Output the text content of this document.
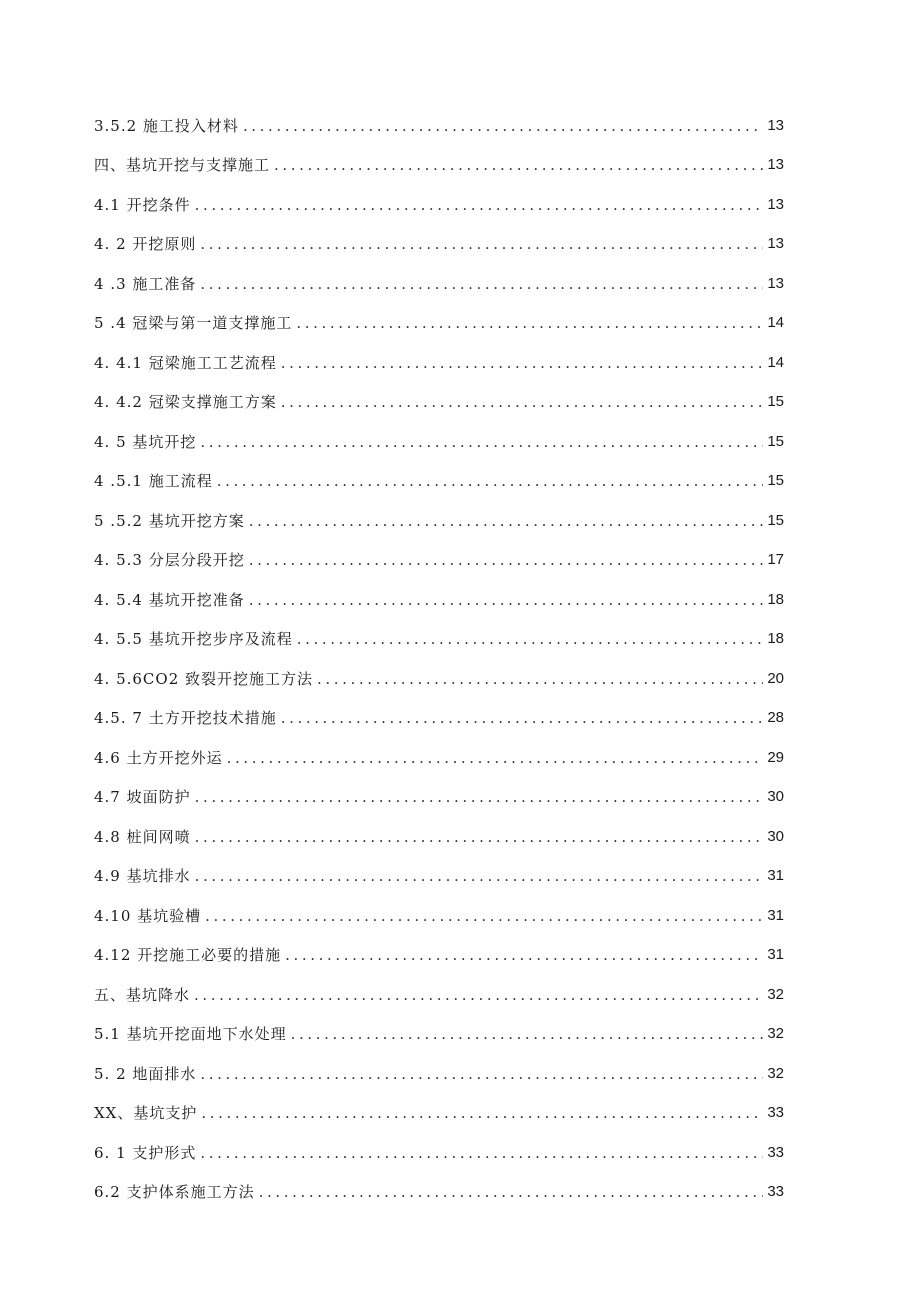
3.5.2 施工投入材料 .....	13
四、基坑开挖与支撑施工 .....	13
4.1 开挖条件 .....	13
4. 2 开挖原则 .....	13
4 .3 施工准备 .....	13
5 .4 冠梁与第一道支撑施工 .....	14
4. 4.1 冠梁施工工艺流程 .....	14
4. 4.2 冠梁支撑施工方案 .....	15
4. 5 基坑开挖 .....	15
4 .5.1 施工流程 .....	15
5 .5.2 基坑开挖方案 .....	15
4. 5.3 分层分段开挖 .....	17
4. 5.4 基坑开挖准备 .....	18
4. 5.5 基坑开挖步序及流程 .....	18
4. 5.6CO2 致裂开挖施工方法 .....	20
4.5. 7 土方开挖技术措施 .....	28
4.6 土方开挖外运 .....	29
4.7 坡面防护 .....	30
4.8 桩间网喷 .....	30
4.9 基坑排水 .....	31
4.10 基坑验槽 .....	31
4.12 开挖施工必要的措施 .....	31
五、基坑降水 .....	32
5.1 基坑开挖面地下水处理 .....	32
5. 2 地面排水 .....	32
XX、基坑支护 .....	33
6. 1 支护形式 .....	33
6.2 支护体系施工方法 .....	33
